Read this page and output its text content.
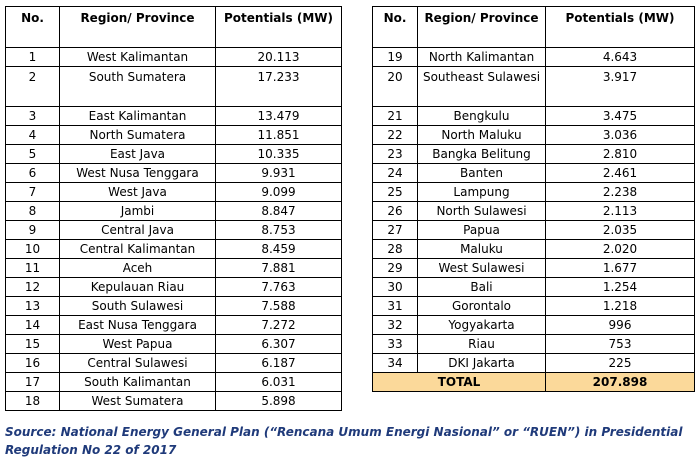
No.	Region/ Province	Potentials (MW)
1	West Kalimantan	20.113
2	South Sumatera	17.233
3	East Kalimantan	13.479
4	North Sumatera	11.851
5	East Java	10.335
6	West Nusa Tenggara	9.931
7	West Java	9.099
8	Jambi	8.847
9	Central Java	8.753
10	Central Kalimantan	8.459
11	Aceh	7.881
12	Kepulauan Riau	7.763
13	South Sulawesi	7.588
14	East Nusa Tenggara	7.272
15	West Papua	6.307
16	Central Sulawesi	6.187
17	South Kalimantan	6.031
18	West Sumatera	5.898
No.	Region/ Province	Potentials (MW)
19	North Kalimantan	4.643
20	Southeast Sulawesi	3.917
21	Bengkulu	3.475
22	North Maluku	3.036
23	Bangka Belitung	2.810
24	Banten	2.461
25	Lampung	2.238
26	North Sulawesi	2.113
27	Papua	2.035
28	Maluku	2.020
29	West Sulawesi	1.677
30	Bali	1.254
31	Gorontalo	1.218
32	Yogyakarta	996
33	Riau	753
34	DKI Jakarta	225
TOTAL		207.898
Source: National Energy General Plan (“Rencana Umum Energi Nasional” or “RUEN”) in Presidential Regulation No 22 of 2017
